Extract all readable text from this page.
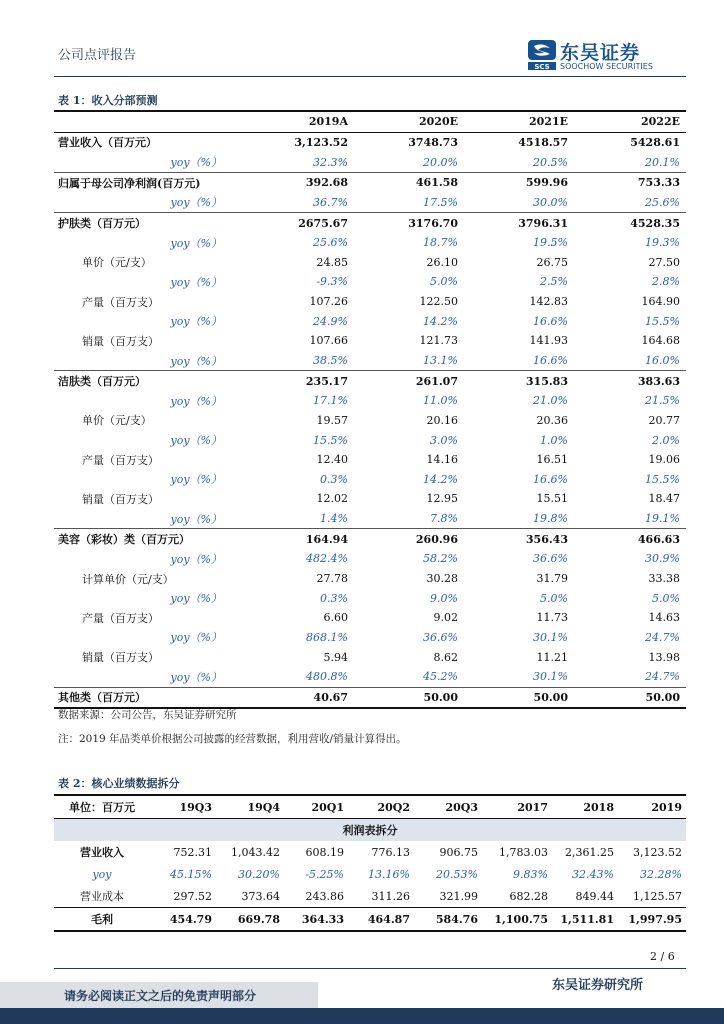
公司点评报告
SCS
东吴证券
SOOCHOW SECURITIES
表 1：收入分部预测
	2019A	2020E	2021E	2022E
营业收入（百万元）	3,123.52	3748.73	4518.57	5428.61
yoy（%）	32.3%	20.0%	20.5%	20.1%
归属于母公司净利润(百万元)	392.68	461.58	599.96	753.33
yoy（%）	36.7%	17.5%	30.0%	25.6%
护肤类（百万元）	2675.67	3176.70	3796.31	4528.35
yoy（%）	25.6%	18.7%	19.5%	19.3%
单价（元/支）	24.85	26.10	26.75	27.50
yoy（%）	-9.3%	5.0%	2.5%	2.8%
产量（百万支）	107.26	122.50	142.83	164.90
yoy（%）	24.9%	14.2%	16.6%	15.5%
销量（百万支）	107.66	121.73	141.93	164.68
yoy（%）	38.5%	13.1%	16.6%	16.0%
洁肤类（百万元）	235.17	261.07	315.83	383.63
yoy（%）	17.1%	11.0%	21.0%	21.5%
单价（元/支）	19.57	20.16	20.36	20.77
yoy（%）	15.5%	3.0%	1.0%	2.0%
产量（百万支）	12.40	14.16	16.51	19.06
yoy（%）	0.3%	14.2%	16.6%	15.5%
销量（百万支）	12.02	12.95	15.51	18.47
yoy（%）	1.4%	7.8%	19.8%	19.1%
美容（彩妆）类（百万元）	164.94	260.96	356.43	466.63
yoy（%）	482.4%	58.2%	36.6%	30.9%
计算单价（元/支）	27.78	30.28	31.79	33.38
yoy（%）	0.3%	9.0%	5.0%	5.0%
产量（百万支）	6.60	9.02	11.73	14.63
yoy（%）	868.1%	36.6%	30.1%	24.7%
销量（百万支）	5.94	8.62	11.21	13.98
yoy（%）	480.8%	45.2%	30.1%	24.7%
其他类（百万元）	40.67	50.00	50.00	50.00
数据来源：公司公告，东吴证券研究所
注：2019 年品类单价根据公司披露的经营数据，利用营收/销量计算得出。
表 2：核心业绩数据拆分
单位：百万元	19Q3	19Q4	20Q1	20Q2	20Q3	2017	2018	2019
利润表拆分								
营业收入	752.31	1,043.42	608.19	776.13	906.75	1,783.03	2,361.25	3,123.52
yoy	45.15%	30.20%	-5.25%	13.16%	20.53%	9.83%	32.43%	32.28%
营业成本	297.52	373.64	243.86	311.26	321.99	682.28	849.44	1,125.57
毛利	454.79	669.78	364.33	464.87	584.76	1,100.75	1,511.81	1,997.95
2 / 6
请务必阅读正文之后的免责声明部分
东吴证券研究所
